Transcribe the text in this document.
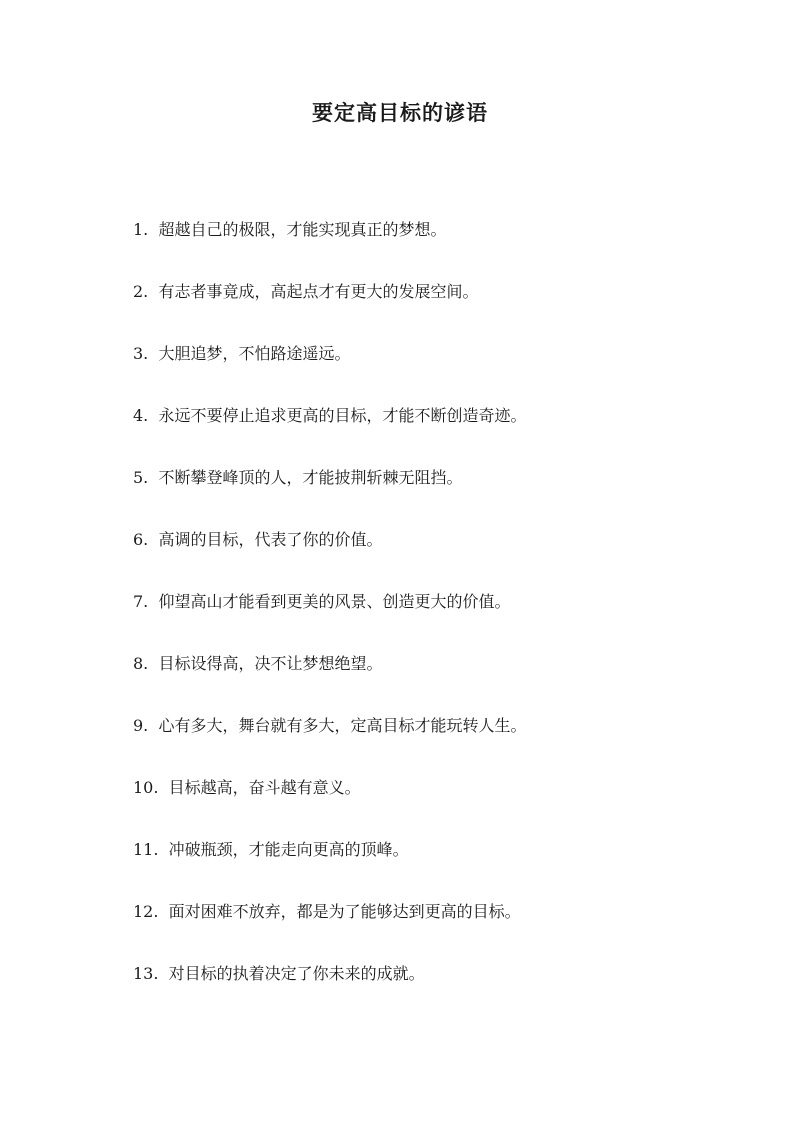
要定高目标的谚语
1. 超越自己的极限，才能实现真正的梦想。
2. 有志者事竟成，高起点才有更大的发展空间。
3. 大胆追梦，不怕路途遥远。
4. 永远不要停止追求更高的目标，才能不断创造奇迹。
5. 不断攀登峰顶的人，才能披荆斩棘无阻挡。
6. 高调的目标，代表了你的价值。
7. 仰望高山才能看到更美的风景、创造更大的价值。
8. 目标设得高，决不让梦想绝望。
9. 心有多大，舞台就有多大，定高目标才能玩转人生。
10. 目标越高，奋斗越有意义。
11. 冲破瓶颈，才能走向更高的顶峰。
12. 面对困难不放弃，都是为了能够达到更高的目标。
13. 对目标的执着决定了你未来的成就。
